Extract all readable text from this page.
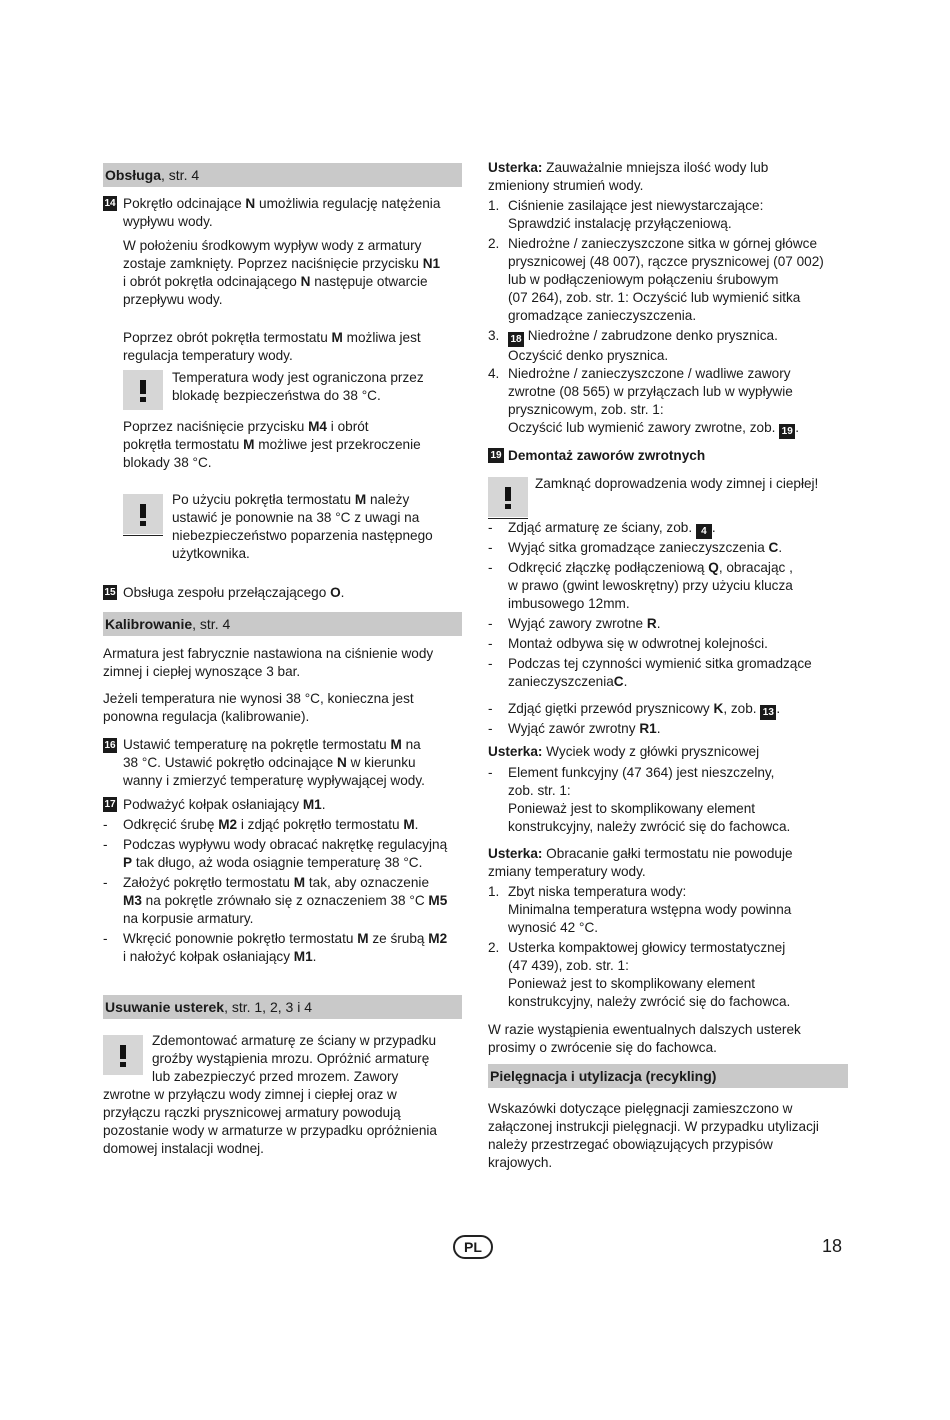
Obsługa, str. 4
14 Pokrętło odcinające N umożliwia regulację natężenia
wypływu wody.
W położeniu środkowym wypływ wody z armatury
zostaje zamknięty. Poprzez naciśnięcie przycisku N1
i obrót pokrętła odcinającego N następuje otwarcie
przepływu wody.
Poprzez obrót pokrętła termostatu M możliwa jest
regulacja temperatury wody.
Temperatura wody jest ograniczona przez
blokadę bezpieczeństwa do 38 °C.
Poprzez naciśnięcie przycisku M4 i obrót
pokrętła termostatu M możliwe jest przekroczenie
blokady 38 °C.
Po użyciu pokrętła termostatu M należy
ustawić je ponownie na 38 °C z uwagi na
niebezpieczeństwo poparzenia następnego
użytkownika.
15 Obsługa zespołu przełączającego O.
Kalibrowanie, str. 4
Armatura jest fabrycznie nastawiona na ciśnienie wody
zimnej i ciepłej wynoszące 3 bar.
Jeżeli temperatura nie wynosi 38 °C, konieczna jest
ponowna regulacja (kalibrowanie).
16 Ustawić temperaturę na pokrętle termostatu M na
38 °C. Ustawić pokrętło odcinające N w kierunku
wanny i zmierzyć temperaturę wypływającej wody.
17 Podważyć kołpak osłaniający M1.
- Odkręcić śrubę M2 i zdjąć pokrętło termostatu M.
- Podczas wypływu wody obracać nakrętkę regulacyjną
P tak długo, aż woda osiągnie temperaturę 38 °C.
- Założyć pokrętło termostatu M tak, aby oznaczenie
M3 na pokrętle zrównało się z oznaczeniem 38 °C M5
na korpusie armatury.
- Wkręcić ponownie pokrętło termostatu M ze śrubą M2
i nałożyć kołpak osłaniający M1.
Usuwanie usterek, str. 1, 2, 3 i 4
Zdemontować armaturę ze ściany w przypadku
groźby wystąpienia mrozu. Opróżnić armaturę
lub zabezpieczyć przed mrozem. Zawory
zwrotne w przyłączu wody zimnej i ciepłej oraz w
przyłączu rączki prysznicowej armatury powodują
pozostanie wody w armaturze w przypadku opróżnienia
domowej instalacji wodnej.
Usterka: Zauważalnie mniejsza ilość wody lub
zmieniony strumień wody.
1. Ciśnienie zasilające jest niewystarczające:
Sprawdzić instalację przyłączeniową.
2. Niedrożne / zanieczyszczone sitka w górnej główce
prysznicowej (48 007), rączce prysznicowej (07 002)
lub w podłączeniowym połączeniu śrubowym
(07 264), zob. str. 1: Oczyścić lub wymienić sitka
gromadzące zanieczyszczenia.
3. 18 Niedrożne / zabrudzone denko prysznica.
Oczyścić denko prysznica.
4. Niedrożne / zanieczyszczone / wadliwe zawory
zwrotne (08 565) w przyłączach lub w wypływie
prysznicowym, zob. str. 1:
Oczyścić lub wymienić zawory zwrotne, zob. 19 .
19 Demontaż zaworów zwrotnych
Zamknąć doprowadzenia wody zimnej i ciepłej!
- Zdjąć armaturę ze ściany, zob. 4 .
- Wyjąć sitka gromadzące zanieczyszczenia C.
- Odkręcić złączkę podłączeniową Q, obracając ,
w prawo (gwint lewoskrętny) przy użyciu klucza
imbusowego 12mm.
- Wyjąć zawory zwrotne R.
- Montaż odbywa się w odwrotnej kolejności.
- Podczas tej czynności wymienić sitka gromadzące
zanieczyszczeniaC.
- Zdjąć giętki przewód prysznicowy K, zob. 13 .
- Wyjąć zawór zwrotny R1.
Usterka: Wyciek wody z główki prysznicowej
- Element funkcyjny (47 364) jest nieszczelny,
zob. str. 1:
Ponieważ jest to skomplikowany element
konstrukcyjny, należy zwrócić się do fachowca.
Usterka: Obracanie gałki termostatu nie powoduje
zmiany temperatury wody.
1. Zbyt niska temperatura wody:
Minimalna temperatura wstępna wody powinna
wynosić 42 °C.
2. Usterka kompaktowej głowicy termostatycznej
(47 439), zob. str. 1:
Ponieważ jest to skomplikowany element
konstrukcyjny, należy zwrócić się do fachowca.
W razie wystąpienia ewentualnych dalszych usterek
prosimy o zwrócenie się do fachowca.
Pielęgnacja i utylizacja (recykling)
Wskazówki dotyczące pielęgnacji zamieszczono w
załączonej instrukcji pielęgnacji. W przypadku utylizacji
należy przestrzegać obowiązujących przypisów
krajowych.
PL	18
